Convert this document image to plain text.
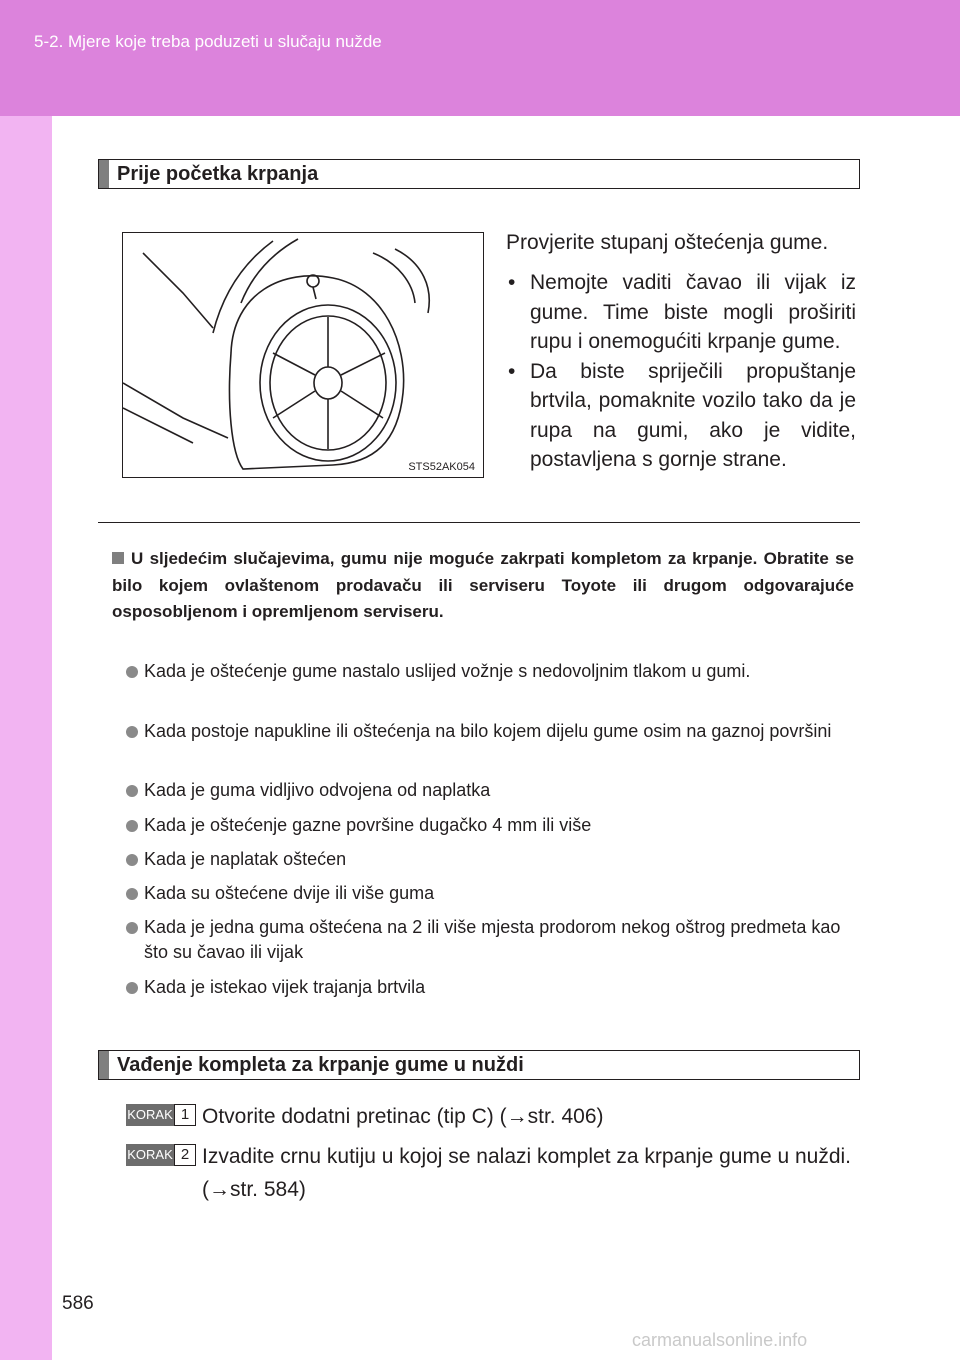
5-2. Mjere koje treba poduzeti u slučaju nužde
Prije početka krpanja
STS52AK054
Provjerite stupanj oštećenja gume.
• Nemojte vaditi čavao ili vijak iz gume. Time biste mogli proširiti rupu i onemogućiti krpanje gume.
• Da biste spriječili propuštanje brtvila, pomaknite vozilo tako da je rupa na gumi, ako je vidite, postavljena s gornje strane.
U sljedećim slučajevima, gumu nije moguće zakrpati kompletom za krpanje. Obratite se bilo kojem ovlaštenom prodavaču ili serviseru Toyote ili drugom odgovarajuće osposobljenom i opremljenom serviseru.
Kada je oštećenje gume nastalo uslijed vožnje s nedovoljnim tlakom u gumi.
Kada postoje napukline ili oštećenja na bilo kojem dijelu gume osim na gaznoj površini
Kada je guma vidljivo odvojena od naplatka
Kada je oštećenje gazne površine dugačko 4 mm ili više
Kada je naplatak oštećen
Kada su oštećene dvije ili više guma
Kada je jedna guma oštećena na 2 ili više mjesta prodorom nekog oštrog predmeta kao što su čavao ili vijak
Kada je istekao vijek trajanja brtvila
Vađenje kompleta za krpanje gume u nuždi
KORAK 1 Otvorite dodatni pretinac (tip C) (→str. 406)
KORAK 2 Izvadite crnu kutiju u kojoj se nalazi komplet za krpanje gume u nuždi. (→str. 584)
586
carmanualsonline.info
